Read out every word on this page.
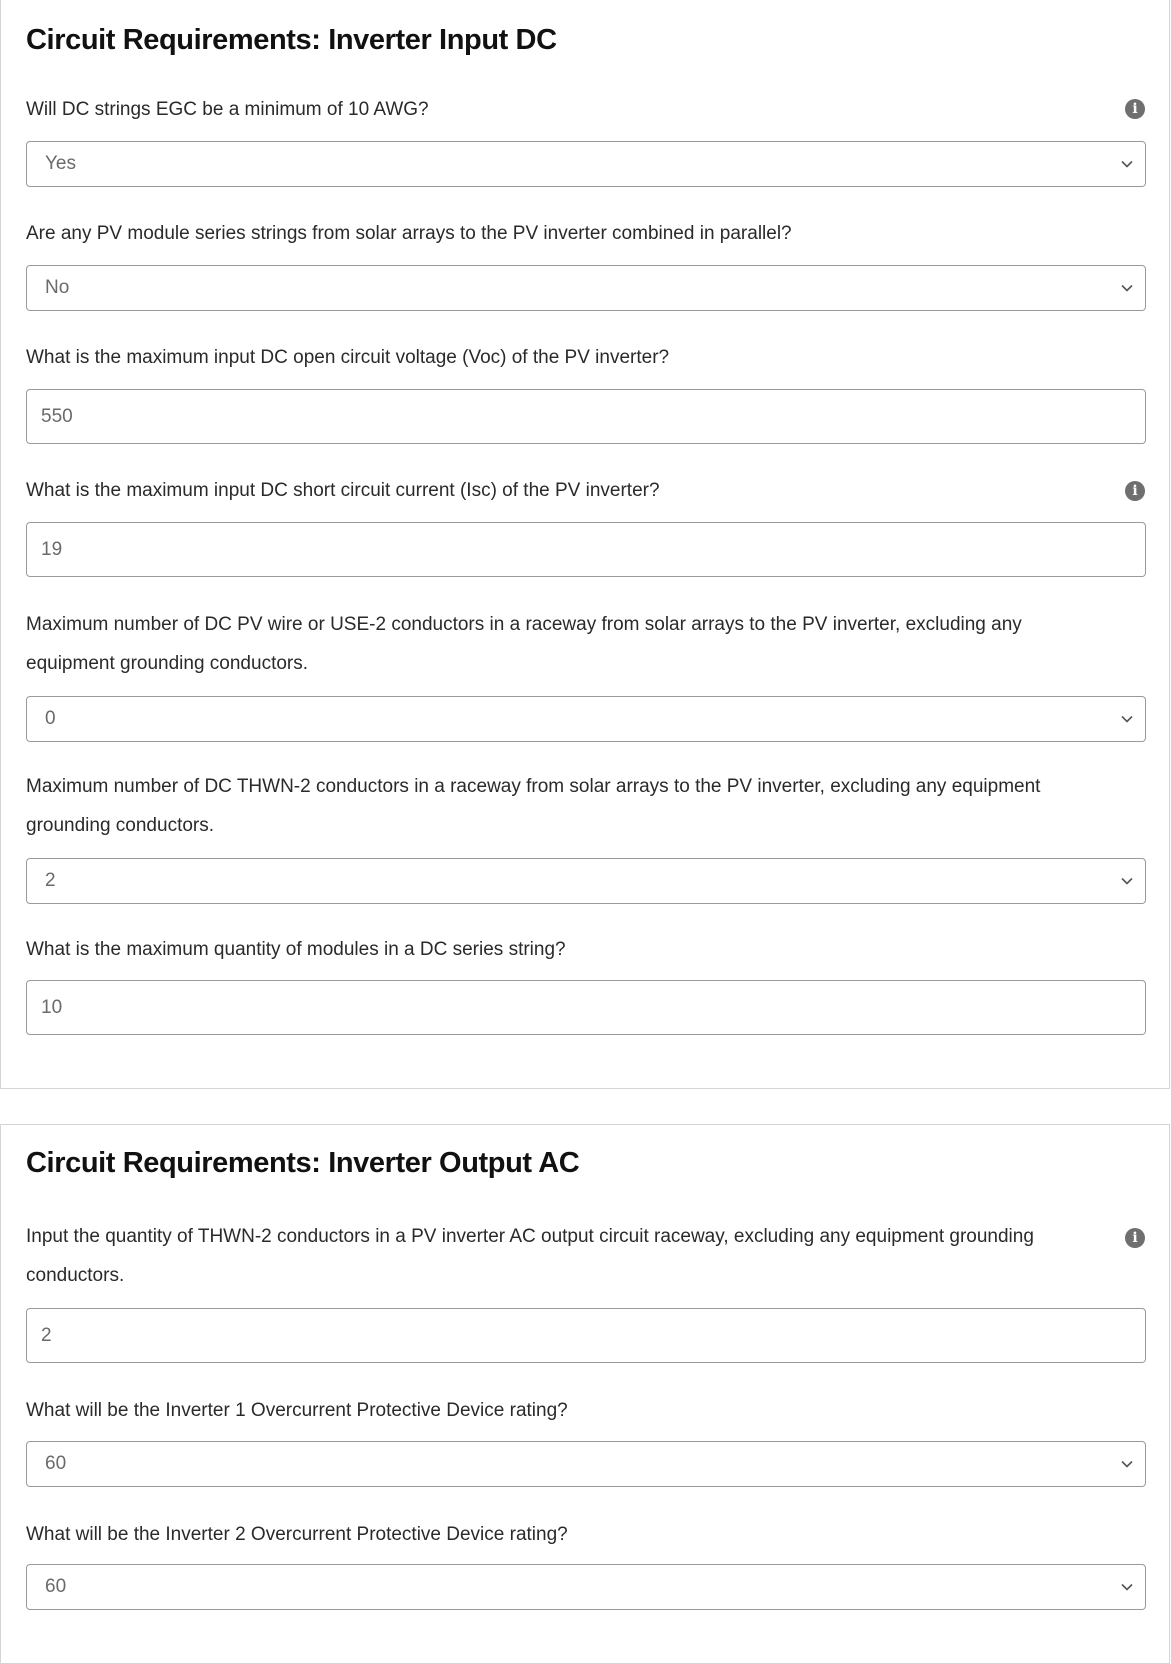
Circuit Requirements: Inverter Input DC
Will DC strings EGC be a minimum of 10 AWG?	i
Yes
Are any PV module series strings from solar arrays to the PV inverter combined in parallel?
No
What is the maximum input DC open circuit voltage (Voc) of the PV inverter?
550
What is the maximum input DC short circuit current (Isc) of the PV inverter?	i
19
Maximum number of DC PV wire or USE-2 conductors in a raceway from solar arrays to the PV inverter, excluding any equipment grounding conductors.
0
Maximum number of DC THWN-2 conductors in a raceway from solar arrays to the PV inverter, excluding any equipment grounding conductors.
2
What is the maximum quantity of modules in a DC series string?
10
Circuit Requirements: Inverter Output AC
Input the quantity of THWN-2 conductors in a PV inverter AC output circuit raceway, excluding any equipment grounding conductors.
i
2
What will be the Inverter 1 Overcurrent Protective Device rating?
60
What will be the Inverter 2 Overcurrent Protective Device rating?
60
